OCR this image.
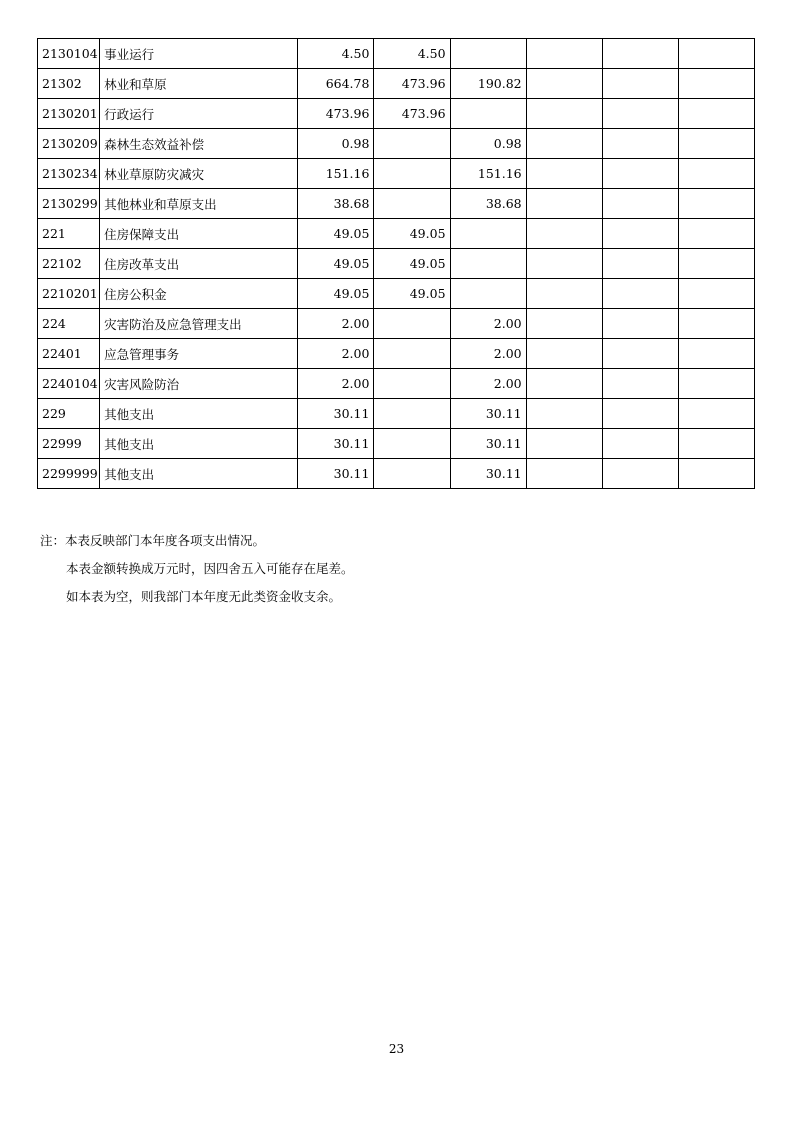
2130104	事业运行	4.50	4.50				
21302	林业和草原	664.78	473.96	190.82			
2130201	行政运行	473.96	473.96				
2130209	森林生态效益补偿	0.98		0.98			
2130234	林业草原防灾减灾	151.16		151.16			
2130299	其他林业和草原支出	38.68		38.68			
221	住房保障支出	49.05	49.05				
22102	住房改革支出	49.05	49.05				
2210201	住房公积金	49.05	49.05				
224	灾害防治及应急管理支出	2.00		2.00			
22401	应急管理事务	2.00		2.00			
2240104	灾害风险防治	2.00		2.00			
229	其他支出	30.11		30.11			
22999	其他支出	30.11		30.11			
2299999	其他支出	30.11		30.11			
注：本表反映部门本年度各项支出情况。
本表金额转换成万元时，因四舍五入可能存在尾差。
如本表为空，则我部门本年度无此类资金收支余。
23
